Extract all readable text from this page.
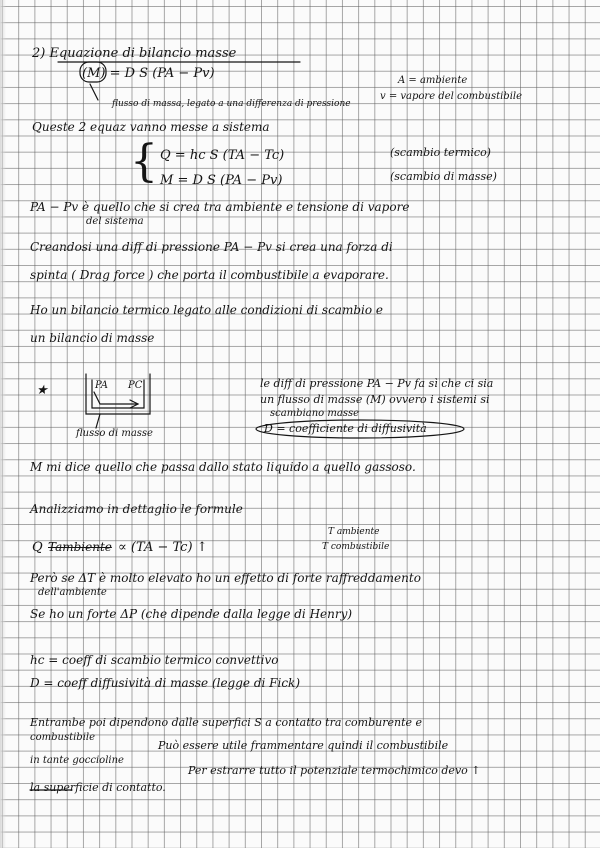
2) Equazione di bilancio masse
(M) = D S (PA − Pv)	A = ambiente
v = vapore del combustibile
flusso di massa, legato a una differenza di pressione
Queste 2 equaz vanno messe a sistema
{ Q = hc S (TA − Tc)	(scambio termico)
M = D S (PA − Pv)	(scambio di masse)
PA − Pv è quello che si crea tra ambiente e tensione di vapore
del sistema
Creandosi una diff di pressione PA − Pv si crea una forza di
spinta ( Drag force ) che porta il combustibile a evaporare.
Ho un bilancio termico legato alle condizioni di scambio e
un bilancio di masse
★	PA PC	le diff di pressione PA − Pv fa sì che ci sia
un flusso di masse (M) ovvero i sistemi si
scambiano masse
D = coefficiente di diffusività
flusso di masse
M mi dice quello che passa dallo stato liquido a quello gassoso.
Analizziamo in dettaglio le formule
Q Tambiente ∝ (TA − Tc) ↑
T ambiente
T combustibile
Però se ΔT è molto elevato ho un effetto di forte raffreddamento
dell'ambiente
Se ho un forte ΔP (che dipende dalla legge di Henry)
hc = coeff di scambio termico convettivo
D = coeff diffusività di masse (legge di Fick)
Entrambe poi dipendono dalle superfici S a contatto tra comburente e
combustibile
Può essere utile frammentare quindi il combustibile
in tante goccioline
Per estrarre tutto il potenziale termochimico devo ↑
la superficie di contatto.
